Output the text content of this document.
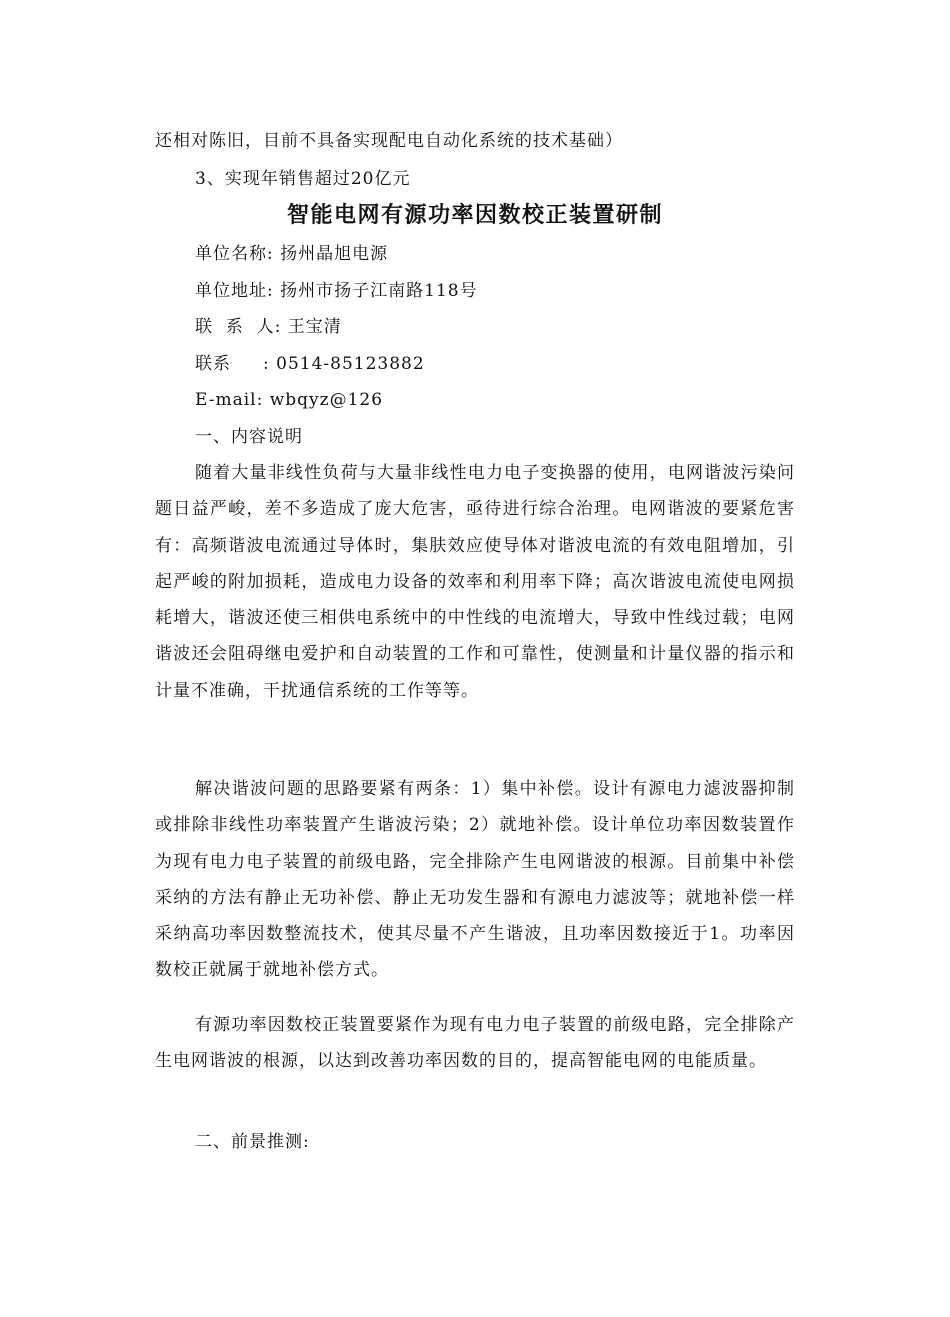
还相对陈旧，目前不具备实现配电自动化系统的技术基础）
3、实现年销售超过20亿元
智能电网有源功率因数校正装置研制
单位名称: 扬州晶旭电源
单位地址: 扬州市扬子江南路118号
联  系  人: 王宝清
联系     : 0514-85123882
E-mail: wbqyz@126
一、内容说明
随着大量非线性负荷与大量非线性电力电子变换器的使用，电网谐波污染问题日益严峻，差不多造成了庞大危害，亟待进行综合治理。电网谐波的要紧危害有：高频谐波电流通过导体时，集肤效应使导体对谐波电流的有效电阻增加，引起严峻的附加损耗，造成电力设备的效率和利用率下降；高次谐波电流使电网损耗增大，谐波还使三相供电系统中的中性线的电流增大，导致中性线过载；电网谐波还会阻碍继电爱护和自动装置的工作和可靠性，使测量和计量仪器的指示和计量不准确，干扰通信系统的工作等等。
解决谐波问题的思路要紧有两条：1）集中补偿。设计有源电力滤波器抑制或排除非线性功率装置产生谐波污染；2）就地补偿。设计单位功率因数装置作为现有电力电子装置的前级电路，完全排除产生电网谐波的根源。目前集中补偿采纳的方法有静止无功补偿、静止无功发生器和有源电力滤波等；就地补偿一样采纳高功率因数整流技术，使其尽量不产生谐波，且功率因数接近于1。功率因数校正就属于就地补偿方式。
有源功率因数校正装置要紧作为现有电力电子装置的前级电路，完全排除产生电网谐波的根源，以达到改善功率因数的目的，提高智能电网的电能质量。
二、前景推测:
